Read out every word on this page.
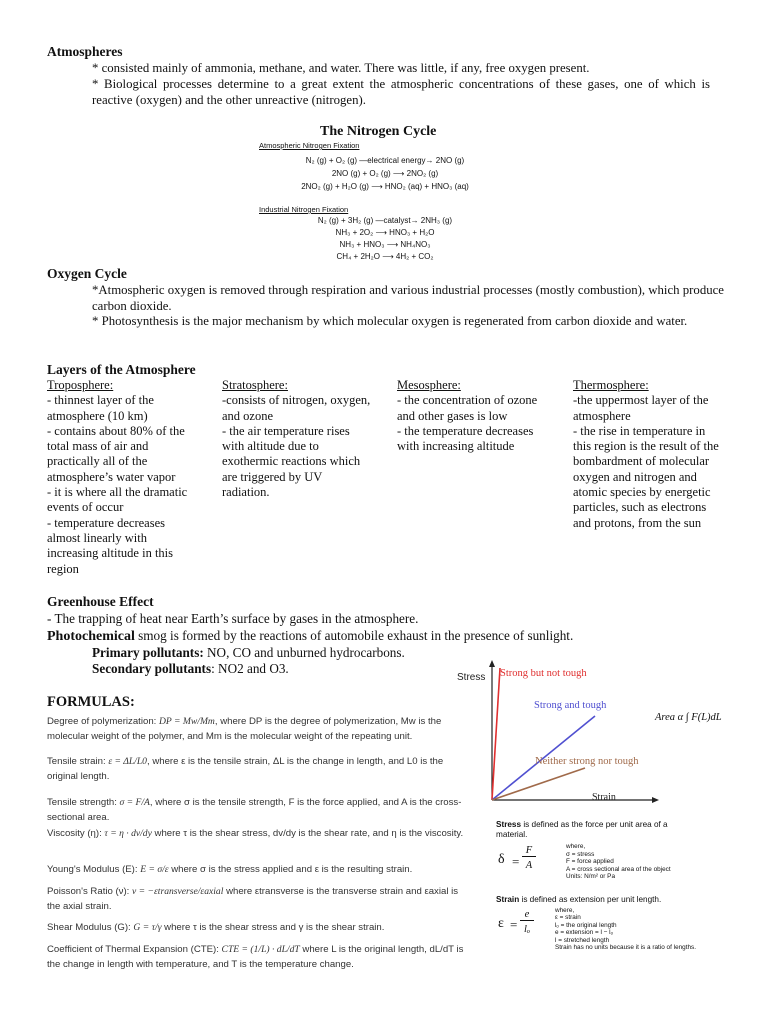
Atmospheres
* consisted mainly of ammonia, methane, and water. There was little, if any, free oxygen present.
* Biological processes determine to a great extent the atmospheric concentrations of these gases, one of which is reactive (oxygen) and the other unreactive (nitrogen).
The Nitrogen Cycle
Atmospheric Nitrogen Fixation
N₂ (g) + O₂ (g) —electrical energy→ 2NO (g)
2NO (g) + O₂ (g) ⟶ 2NO₂ (g)
2NO₂ (g) + H₂O (g) ⟶ HNO₂ (aq) + HNO₃ (aq)
Industrial Nitrogen Fixation
N₂ (g) + 3H₂ (g) —catalyst→ 2NH₃ (g)
NH₃ + 2O₂ ⟶ HNO₃ + H₂O
NH₃ + HNO₃ ⟶ NH₄NO₃
CH₄ + 2H₂O ⟶ 4H₂ + CO₂
Oxygen Cycle
*Atmospheric oxygen is removed through respiration and various industrial processes (mostly combustion), which produce carbon dioxide.
* Photosynthesis is the major mechanism by which molecular oxygen is regenerated from carbon dioxide and water.
Layers of the Atmosphere
Troposphere:
- thinnest layer of the atmosphere (10 km)
- contains about 80% of the total mass of air and practically all of the atmosphere’s water vapor
- it is where all the dramatic events of occur
- temperature decreases almost linearly with increasing altitude in this region
Stratosphere:
-consists of nitrogen, oxygen, and ozone
- the air temperature rises with altitude due to exothermic reactions which are triggered by UV radiation.
Mesosphere:
- the concentration of ozone and other gases is low
- the temperature decreases with increasing altitude
Thermosphere:
-the uppermost layer of the atmosphere
- the rise in temperature in this region is the result of the bombardment of molecular oxygen and nitrogen and atomic species by energetic particles, such as electrons and protons, from the sun
Greenhouse Effect
- The trapping of heat near Earth’s surface by gases in the atmosphere.
Photochemical smog is formed by the reactions of automobile exhaust in the presence of sunlight.
Primary pollutants: NO, CO and unburned hydrocarbons.
Secondary pollutants: NO2 and O3.
FORMULAS:
Degree of polymerization: DP = Mw/Mm, where DP is the degree of polymerization, Mw is the molecular weight of the polymer, and Mm is the molecular weight of the repeating unit.
Tensile strain: ε = ΔL/L0, where ε is the tensile strain, ΔL is the change in length, and L0 is the original length.
Tensile strength: σ = F/A, where σ is the tensile strength, F is the force applied, and A is the cross-sectional area.
Viscosity (η): τ = η · dv/dy where τ is the shear stress, dv/dy is the shear rate, and η is the viscosity.
Young's Modulus (E): E = σ/ε where σ is the stress applied and ε is the resulting strain.
Poisson's Ratio (ν): ν = −εtransverse/εaxial where εtransverse is the transverse strain and εaxial is the axial strain.
Shear Modulus (G): G = τ/γ where τ is the shear stress and γ is the shear strain.
Coefficient of Thermal Expansion (CTE): CTE = (1/L) · dL/dT where L is the original length, dL/dT is the change in length with temperature, and T is the temperature change.
Stress Strong but not tough
Strong and tough
Neither strong nor tough
Strain
Area α ∫ F(L)dL
Stress is defined as the force per unit area of a material.
δ =
F
A
where,
σ = stress
F = force applied
A = cross sectional area of the object
Units: N/m² or Pa
Strain is defined as extension per unit length.
ε =
e
lₒ
where,
ε = strain
lₒ = the original length
e = extension = l − lₒ
l = stretched length
Strain has no units because it is a ratio of lengths.
